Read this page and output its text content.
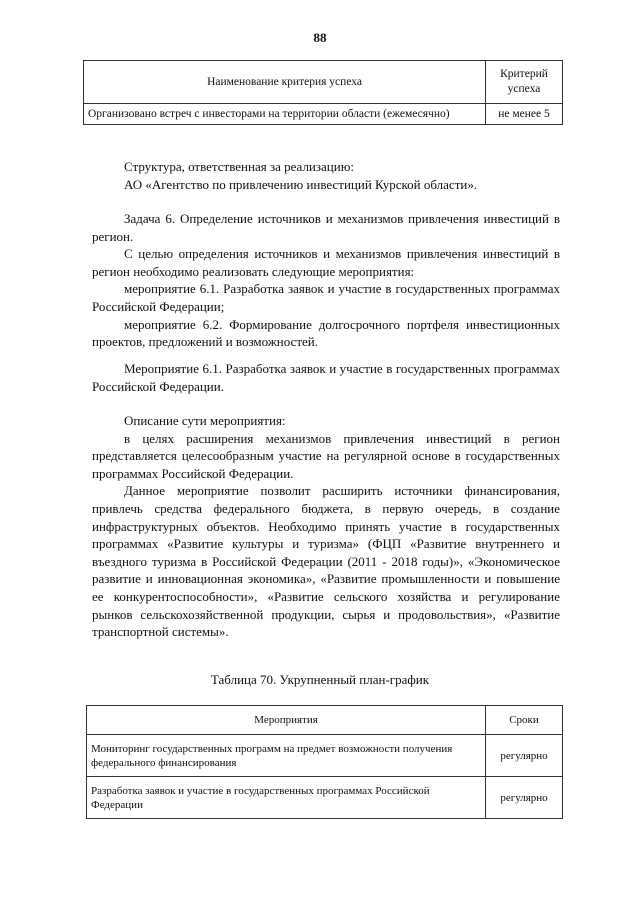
88
Наименование критерия успеха	Критерий успеха
Организовано встреч с инвесторами на территории области (ежемесячно)	не менее 5

Структура, ответственная за реализацию:

АО «Агентство по привлечению инвестиций Курской области».

Задача 6. Определение источников и механизмов привлечения инвестиций в регион.

С целью определения источников и механизмов привлечения инвестиций в регион необходимо реализовать следующие мероприятия:

мероприятие 6.1. Разработка заявок и участие в государственных программах Российской Федерации;

мероприятие 6.2. Формирование долгосрочного портфеля инвестиционных проектов, предложений и возможностей.

Мероприятие 6.1. Разработка заявок и участие в государственных программах Российской Федерации.

Описание сути мероприятия:

в целях расширения механизмов привлечения инвестиций в регион представляется целесообразным участие на регулярной основе в государственных программах Российской Федерации.

Данное мероприятие позволит расширить источники финансирования, привлечь средства федерального бюджета, в первую очередь, в создание инфраструктурных объектов. Необходимо принять участие в государственных программах «Развитие культуры и туризма» (ФЦП «Развитие внутреннего и въездного туризма в Российской Федерации (2011 - 2018 годы)», «Экономическое развитие и инновационная экономика», «Развитие промышленности и повышение ее конкурентоспособности», «Развитие сельского хозяйства и регулирование рынков сельскохозяйственной продукции, сырья и продовольствия», «Развитие транспортной системы».

Таблица 70. Укрупненный план-график
Мероприятия	Сроки
Мониторинг государственных программ на предмет возможности получения федерального финансирования	регулярно
Разработка заявок и участие в государственных программах Российской Федерации	регулярно
